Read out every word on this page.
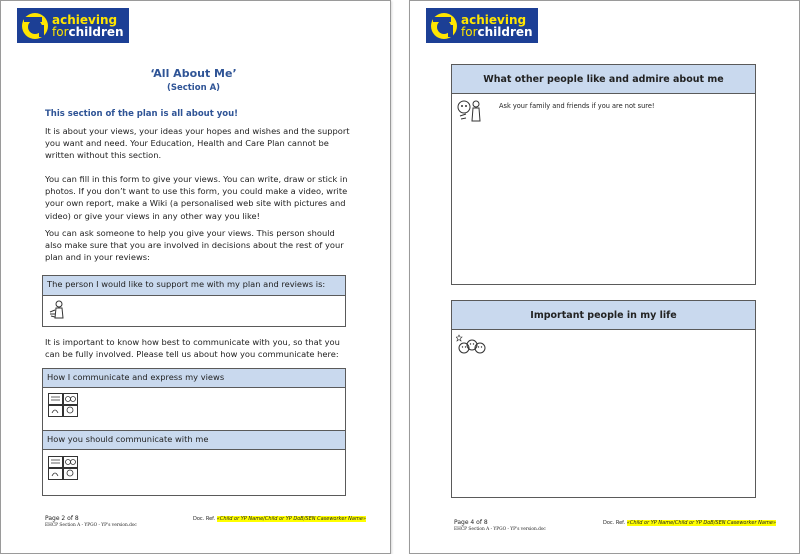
achieving
forchildren
‘All About Me’
(Section A)
This section of the plan is all about you!
It is about your views, your ideas your hopes and wishes and the support you want and need. Your Education, Health and Care Plan cannot be written without this section.
You can fill in this form to give your views. You can write, draw or stick in photos. If you don’t want to use this form, you could make a video, write your own report, make a Wiki (a personalised web site with pictures and video) or give your views in any other way you like!
You can ask someone to help you give your views. This person should also make sure that you are involved in decisions about the rest of your plan and in your reviews:
The person I would like to support me with my plan and reviews is:
It is important to know how best to communicate with you, so that you can be fully involved. Please tell us about how you communicate here:
How I communicate and express my views
How you should communicate with me
Page 2 of 8
EHCP Section A - YPGO - YP's version.doc
Doc. Ref. «Child or YP Name/Child or YP DoB/SEN Caseworker Name»
achieving
forchildren
What other people like and admire about me
Ask your family and friends if you are not sure!
Important people in my life
Page 4 of 8
EHCP Section A - YPGO - YP's version.doc
Doc. Ref. «Child or YP Name/Child or YP DoB/SEN Caseworker Name»
